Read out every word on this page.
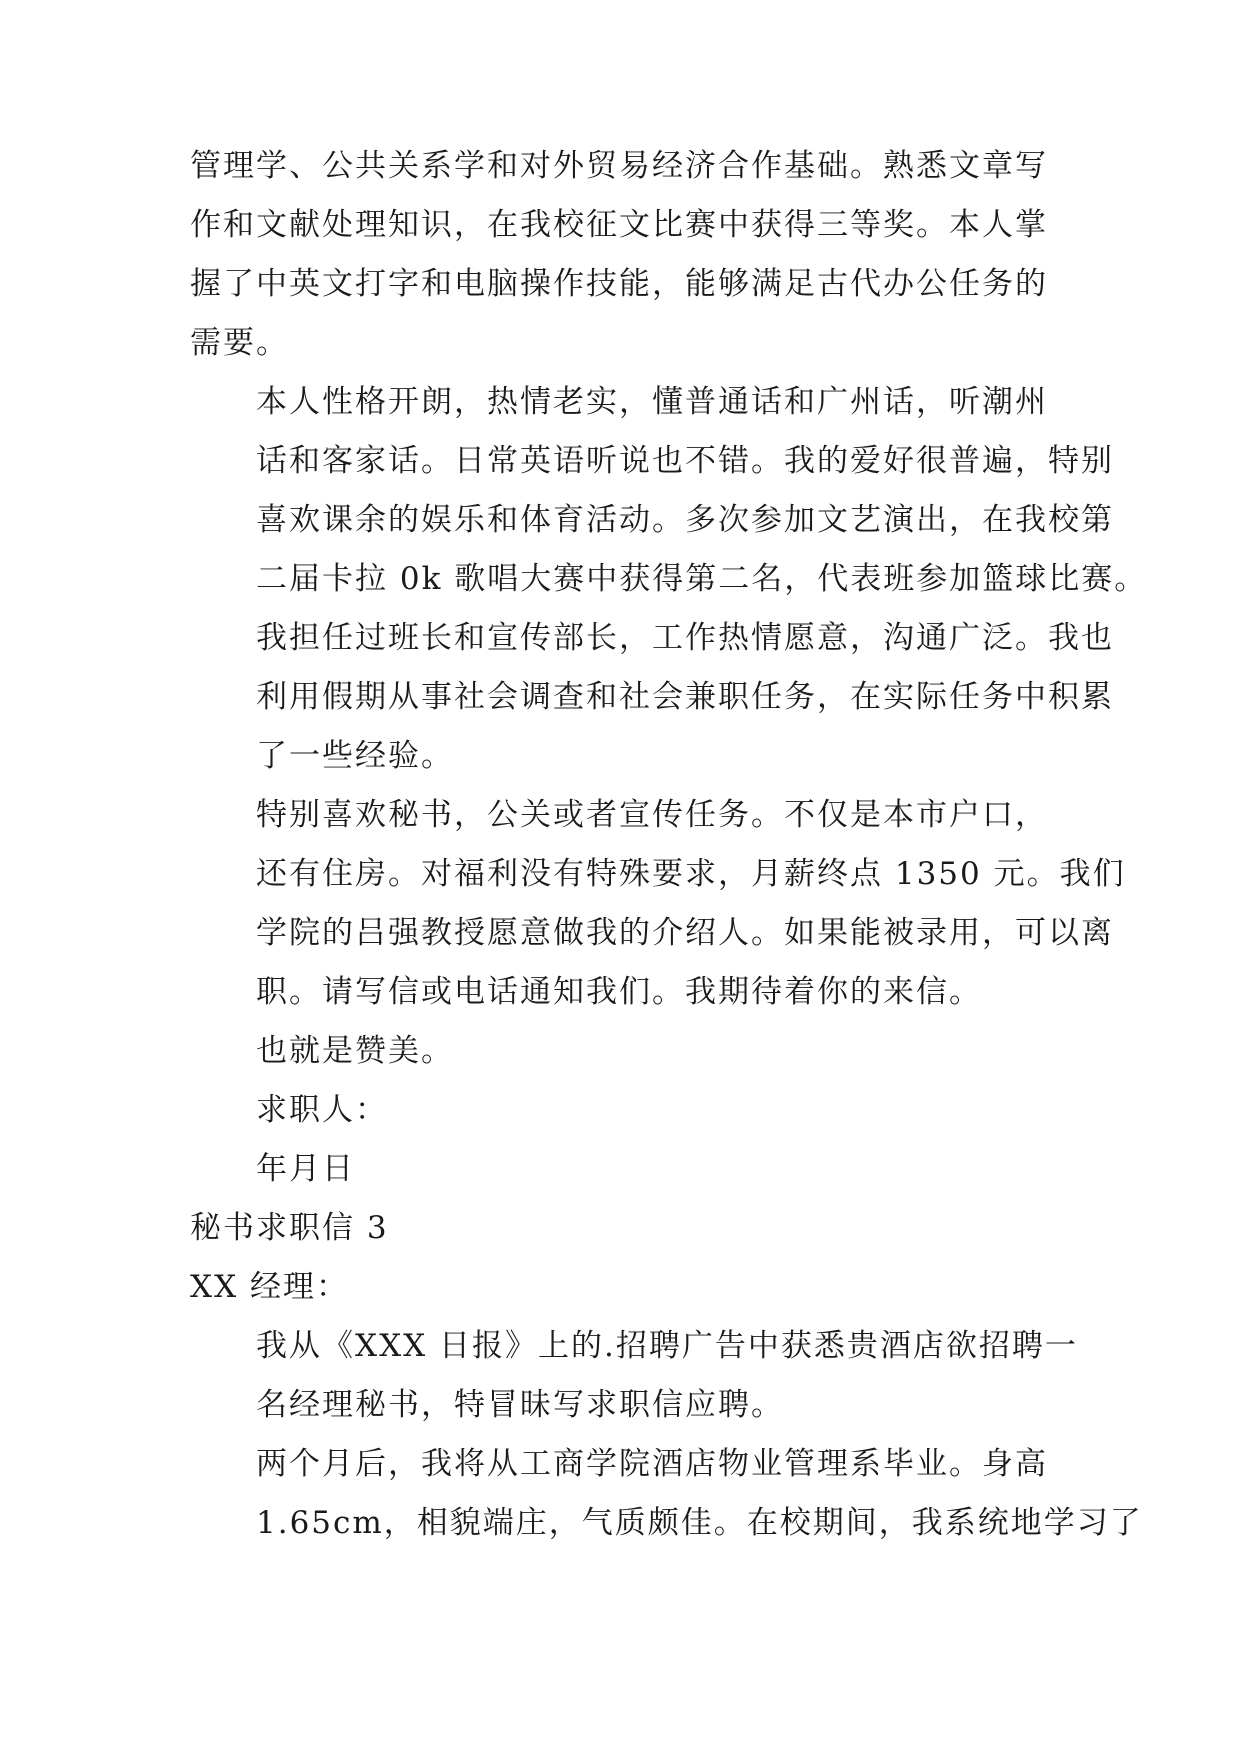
管理学、公共关系学和对外贸易经济合作基础。熟悉文章写
作和文献处理知识，在我校征文比赛中获得三等奖。本人掌
握了中英文打字和电脑操作技能，能够满足古代办公任务的
需要。
本人性格开朗，热情老实，懂普通话和广州话，听潮州
话和客家话。日常英语听说也不错。我的爱好很普遍，特别
喜欢课余的娱乐和体育活动。多次参加文艺演出，在我校第
二届卡拉 0k 歌唱大赛中获得第二名，代表班参加篮球比赛。
我担任过班长和宣传部长，工作热情愿意，沟通广泛。我也
利用假期从事社会调查和社会兼职任务，在实际任务中积累
了一些经验。
特别喜欢秘书，公关或者宣传任务。不仅是本市户口，
还有住房。对福利没有特殊要求，月薪终点 1350 元。我们
学院的吕强教授愿意做我的介绍人。如果能被录用，可以离
职。请写信或电话通知我们。我期待着你的来信。
也就是赞美。
求职人：
年月日
秘书求职信 3
XX 经理：
我从《XXX 日报》上的.招聘广告中获悉贵酒店欲招聘一
名经理秘书，特冒昧写求职信应聘。
两个月后，我将从工商学院酒店物业管理系毕业。身高
1.65cm，相貌端庄，气质颇佳。在校期间，我系统地学习了
